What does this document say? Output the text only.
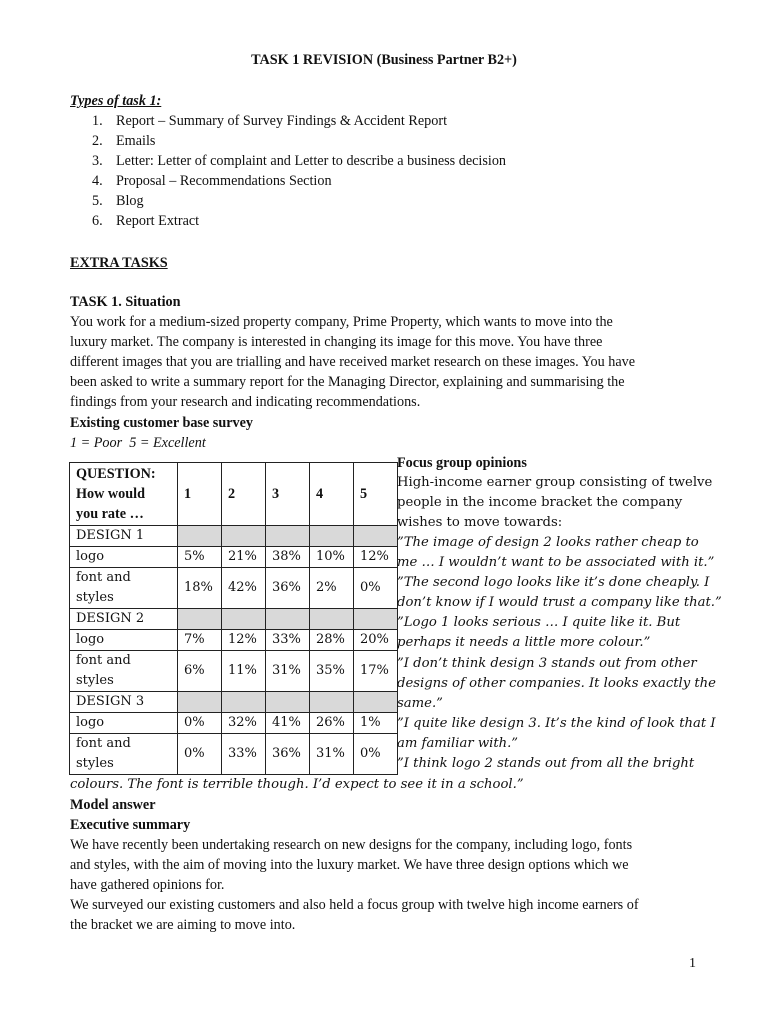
TASK 1 REVISION (Business Partner B2+)
Types of task 1:
1. Report – Summary of Survey Findings & Accident Report
2. Emails
3. Letter: Letter of complaint and Letter to describe a business decision
4. Proposal – Recommendations Section
5. Blog
6. Report Extract
EXTRA TASKS
TASK 1. Situation
You work for a medium-sized property company, Prime Property, which wants to move into the
luxury market. The company is interested in changing its image for this move. You have three
different images that you are trialling and have received market research on these images. You have
been asked to write a summary report for the Managing Director, explaining and summarising the
findings from your research and indicating recommendations.
Existing customer base survey
1 = Poor  5 = Excellent
QUESTION:
How would
you rate …	1	2	3	4	5
DESIGN 1					
logo	5%	21%	38%	10%	12%

font and
styles	18%	42%	36%	2%	0%
DESIGN 2					
logo	7%	12%	33%	28%	20%

font and
styles	6%	11%	31%	35%	17%
DESIGN 3					
logo	0%	32%	41%	26%	1%

font and
styles	0%	33%	36%	31%	0%
Focus group opinions
High-income earner group consisting of twelve
people in the income bracket the company
wishes to move towards:
”The image of design 2 looks rather cheap to
me … I wouldn’t want to be associated with it.”
”The second logo looks like it’s done cheaply. I
don’t know if I would trust a company like that.”
”Logo 1 looks serious … I quite like it. But
perhaps it needs a little more colour.”
”I don’t think design 3 stands out from other
designs of other companies. It looks exactly the
same.”
”I quite like design 3. It’s the kind of look that I
am familiar with.”
”I think logo 2 stands out from all the bright
colours. The font is terrible though. I’d expect to see it in a school.”
Model answer
Executive summary
We have recently been undertaking research on new designs for the company, including logo, fonts
and styles, with the aim of moving into the luxury market. We have three design options which we
have gathered opinions for.
We surveyed our existing customers and also held a focus group with twelve high income earners of
the bracket we are aiming to move into.
1
